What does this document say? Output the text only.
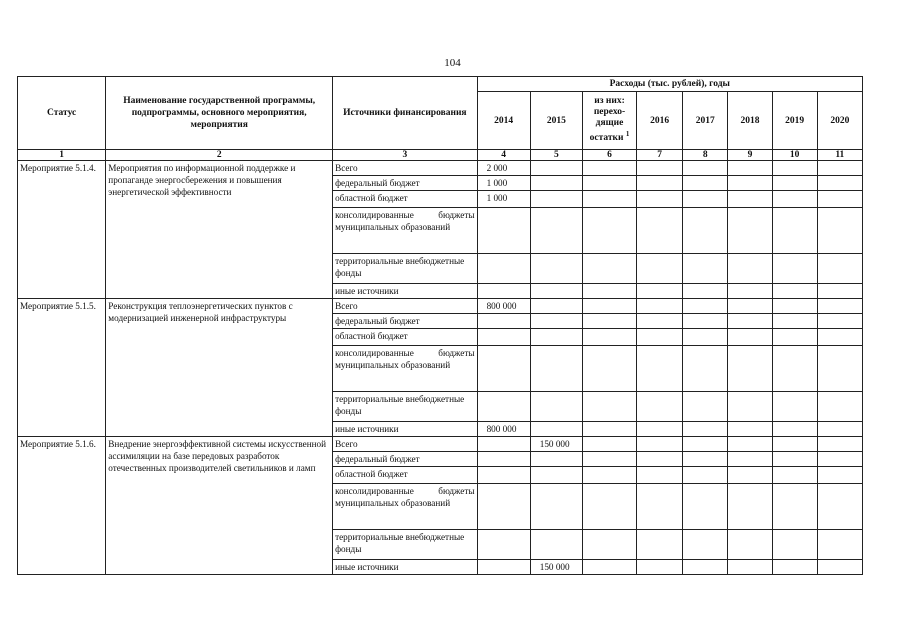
104
Статус	Наименование государственной программы, подпрограммы, основного мероприятия, мероприятия	Источники финансирования	Расходы (тыс. рублей), годы							
			2014	2015	из них:
перехо-дящие
остатки $^1$	2016	2017	2018	2019	2020
1	2	3	4	5	6	7	8	9	10	11
Мероприятие 5.1.4.	Мероприятия по информационной поддержке и пропаганде энергосбережения и повышения энергетической эффективности	Всего	2 000							
		федеральный бюджет	1 000							
		областной бюджет	1 000							
		консолидированные бюджеты муниципальных образований								
		территориальные внебюджетные фонды								
		иные источники								
Мероприятие 5.1.5.	Реконструкция теплоэнергетических пунктов с модернизацией инженерной инфраструктуры	Всего	800 000							
		федеральный бюджет								
		областной бюджет								
		консолидированные бюджеты муниципальных образований								
		территориальные внебюджетные фонды								
		иные источники	800 000							
Мероприятие 5.1.6.	Внедрение энергоэффективной системы искусственной ассимиляции на базе передовых разработок отечественных производителей светильников и ламп	Всего		150 000						
		федеральный бюджет								
		областной бюджет								
		консолидированные бюджеты муниципальных образований								
		территориальные внебюджетные фонды								
		иные источники		150 000						
